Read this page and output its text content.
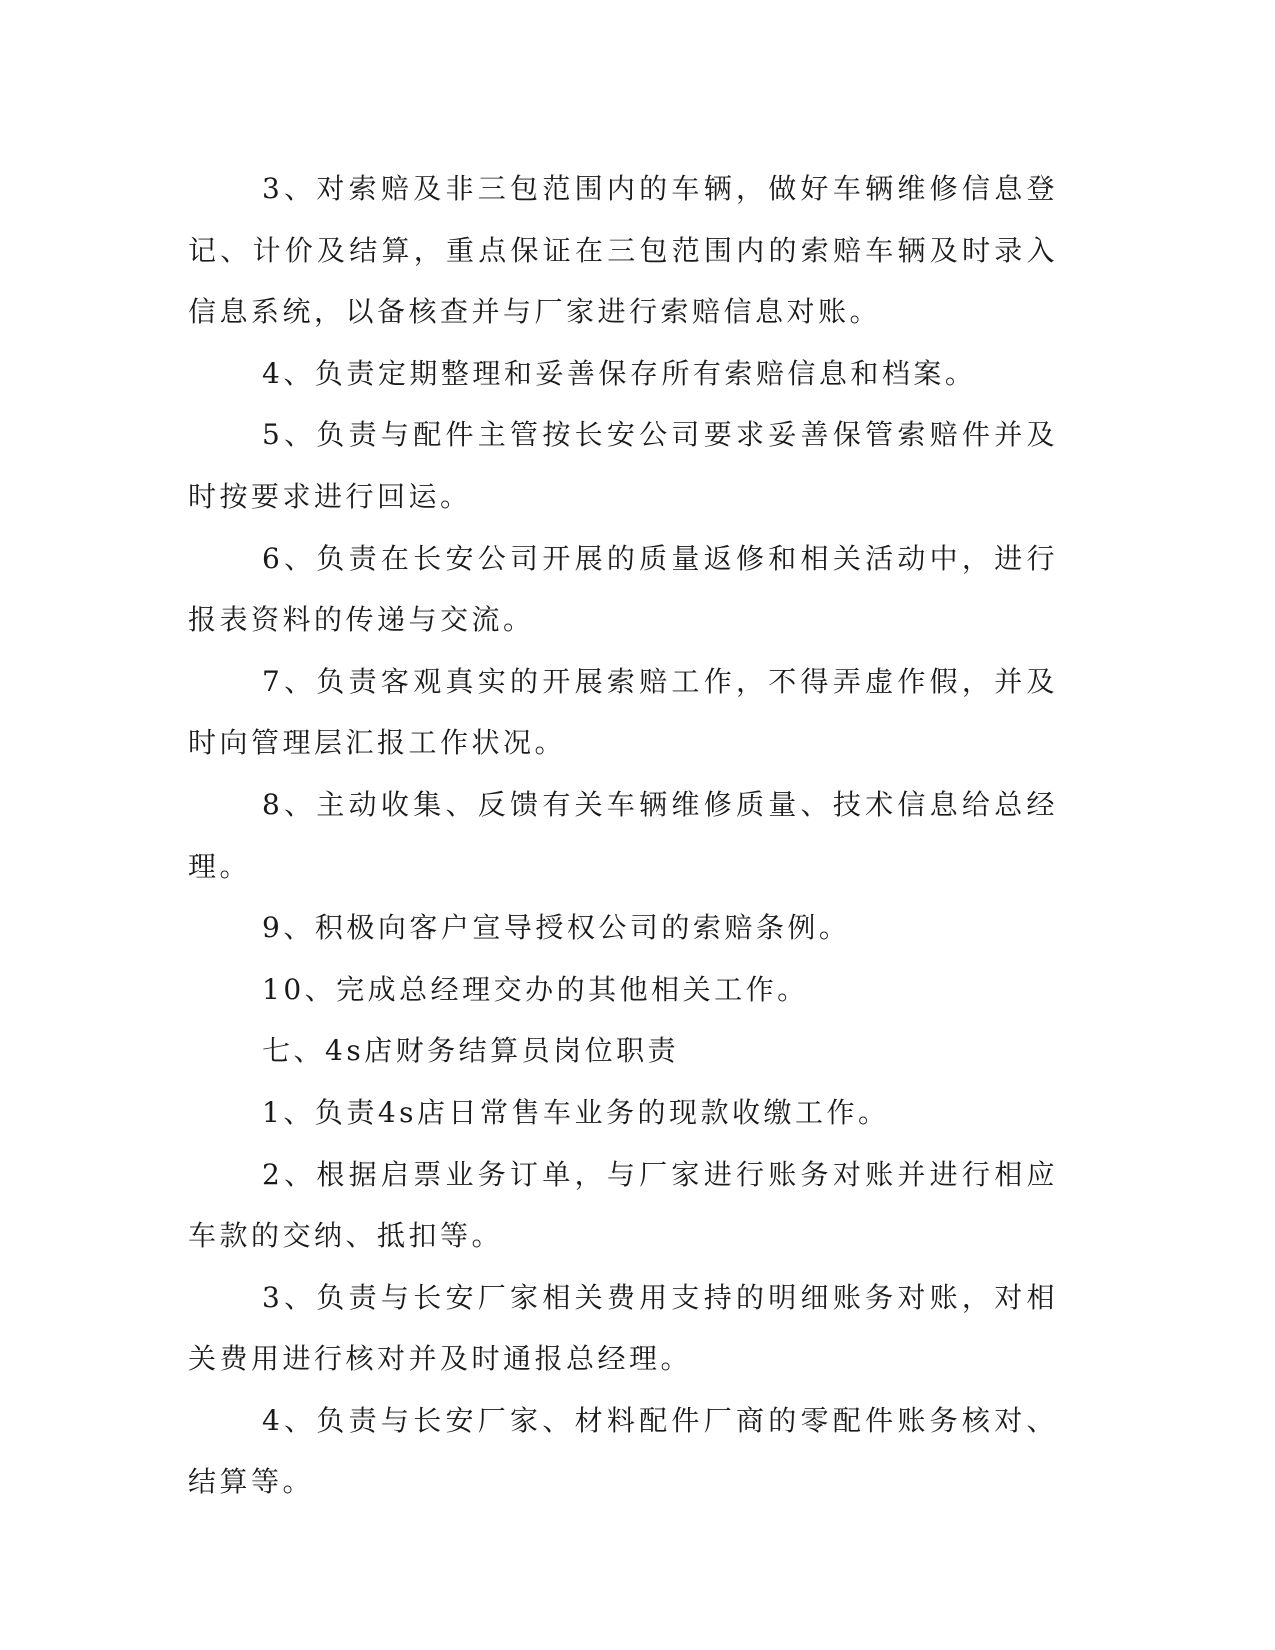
3、对索赔及非三包范围内的车辆，做好车辆维修信息登记、计价及结算，重点保证在三包范围内的索赔车辆及时录入信息系统，以备核查并与厂家进行索赔信息对账。

4、负责定期整理和妥善保存所有索赔信息和档案。

5、负责与配件主管按长安公司要求妥善保管索赔件并及时按要求进行回运。

6、负责在长安公司开展的质量返修和相关活动中，进行报表资料的传递与交流。

7、负责客观真实的开展索赔工作，不得弄虚作假，并及时向管理层汇报工作状况。

8、主动收集、反馈有关车辆维修质量、技术信息给总经理。

9、积极向客户宣导授权公司的索赔条例。

10、完成总经理交办的其他相关工作。

七、4s店财务结算员岗位职责

1、负责4s店日常售车业务的现款收缴工作。

2、根据启票业务订单，与厂家进行账务对账并进行相应车款的交纳、抵扣等。

3、负责与长安厂家相关费用支持的明细账务对账，对相关费用进行核对并及时通报总经理。

4、负责与长安厂家、材料配件厂商的零配件账务核对、结算等。
